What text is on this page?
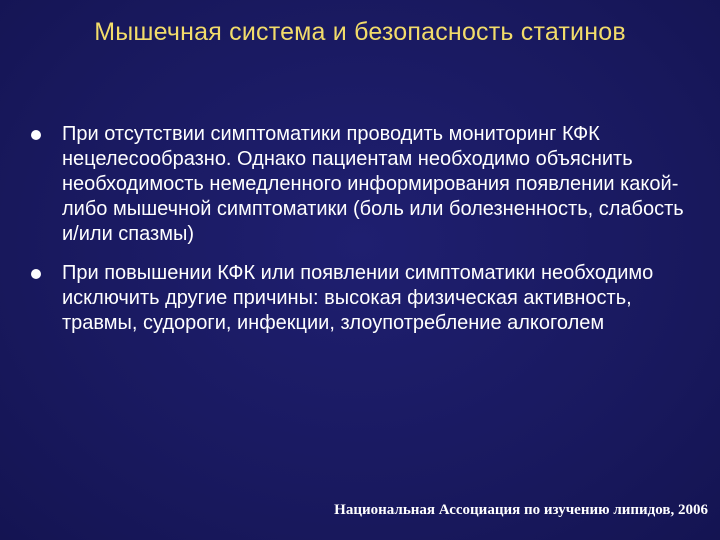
Мышечная система и безопасность статинов
При отсутствии симптоматики проводить мониторинг КФК нецелесообразно. Однако пациентам необходимо объяснить необходимость немедленного информирования появлении какой-либо мышечной симптоматики (боль или болезненность, слабость и/или спазмы)
При повышении КФК или появлении симптоматики необходимо исключить другие причины: высокая физическая активность, травмы, судороги, инфекции, злоупотребление алкоголем
Национальная Ассоциация по изучению липидов, 2006
